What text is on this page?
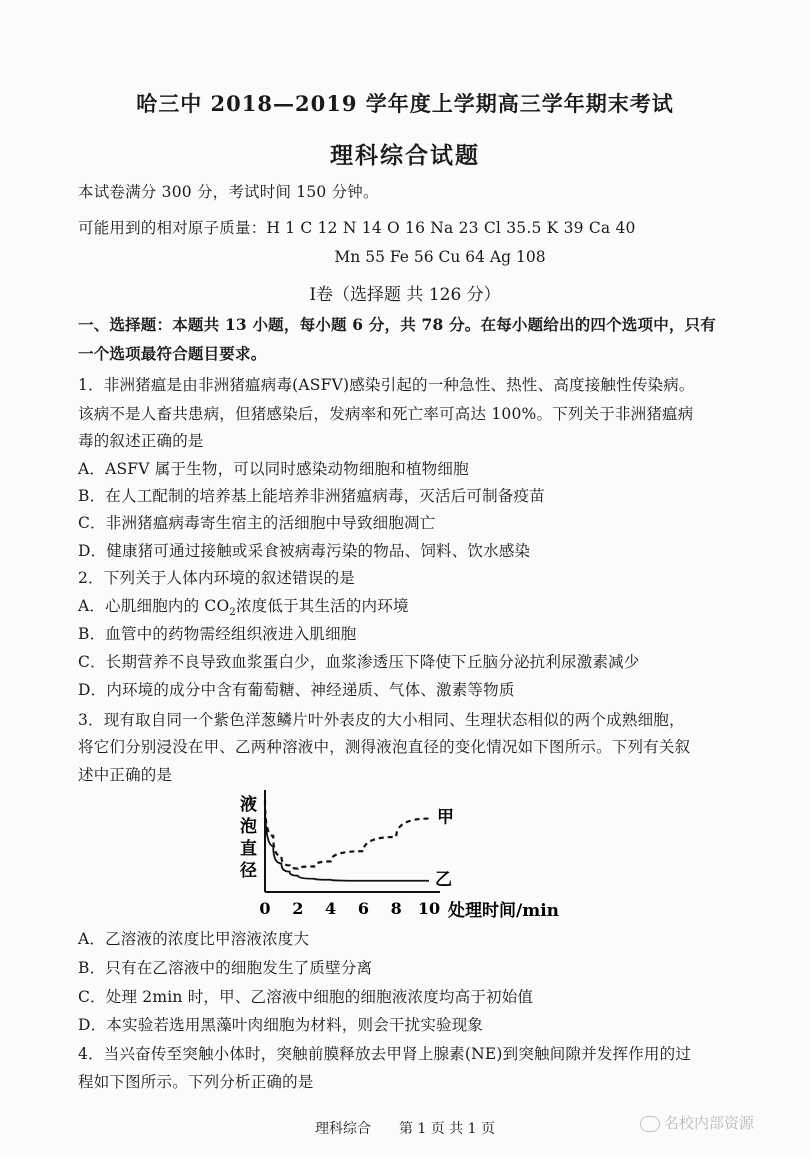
哈三中 2018—2019 学年度上学期高三学年期末考试
理科综合试题
本试卷满分 300 分，考试时间 150 分钟。
可能用到的相对原子质量：H 1 C 12 N 14 O 16 Na 23 Cl 35.5 K 39 Ca 40
Mn 55 Fe 56 Cu 64 Ag 108
Ⅰ卷（选择题 共 126 分）
一、选择题：本题共 13 小题，每小题 6 分，共 78 分。在每小题给出的四个选项中，只有
一个选项最符合题目要求。
1．非洲猪瘟是由非洲猪瘟病毒(ASFV)感染引起的一种急性、热性、高度接触性传染病。
该病不是人畜共患病，但猪感染后，发病率和死亡率可高达 100%。下列关于非洲猪瘟病
毒的叙述正确的是
A．ASFV 属于生物，可以同时感染动物细胞和植物细胞
B．在人工配制的培养基上能培养非洲猪瘟病毒，灭活后可制备疫苗
C．非洲猪瘟病毒寄生宿主的活细胞中导致细胞凋亡
D．健康猪可通过接触或采食被病毒污染的物品、饲料、饮水感染
2．下列关于人体内环境的叙述错误的是
A．心肌细胞内的 $CO_2$浓度低于其生活的内环境
B．血管中的药物需经组织液进入肌细胞
C．长期营养不良导致血浆蛋白少，血浆渗透压下降使下丘脑分泌抗利尿激素减少
D．内环境的成分中含有葡萄糖、神经递质、气体、激素等物质
3．现有取自同一个紫色洋葱鳞片叶外表皮的大小相同、生理状态相似的两个成熟细胞，
将它们分别浸没在甲、乙两种溶液中，测得液泡直径的变化情况如下图所示。下列有关叙
述中正确的是
液
泡
直
径
0 2 4 6 8 10
甲
乙
处理时间/min
A．乙溶液的浓度比甲溶液浓度大
B．只有在乙溶液中的细胞发生了质壁分离
C．处理 2min 时，甲、乙溶液中细胞的细胞液浓度均高于初始值
D．本实验若选用黑藻叶肉细胞为材料，则会干扰实验现象
4．当兴奋传至突触小体时，突触前膜释放去甲肾上腺素(NE)到突触间隙并发挥作用的过
程如下图所示。下列分析正确的是
理科综合　　第 1 页 共 1 页	名校内部资源
